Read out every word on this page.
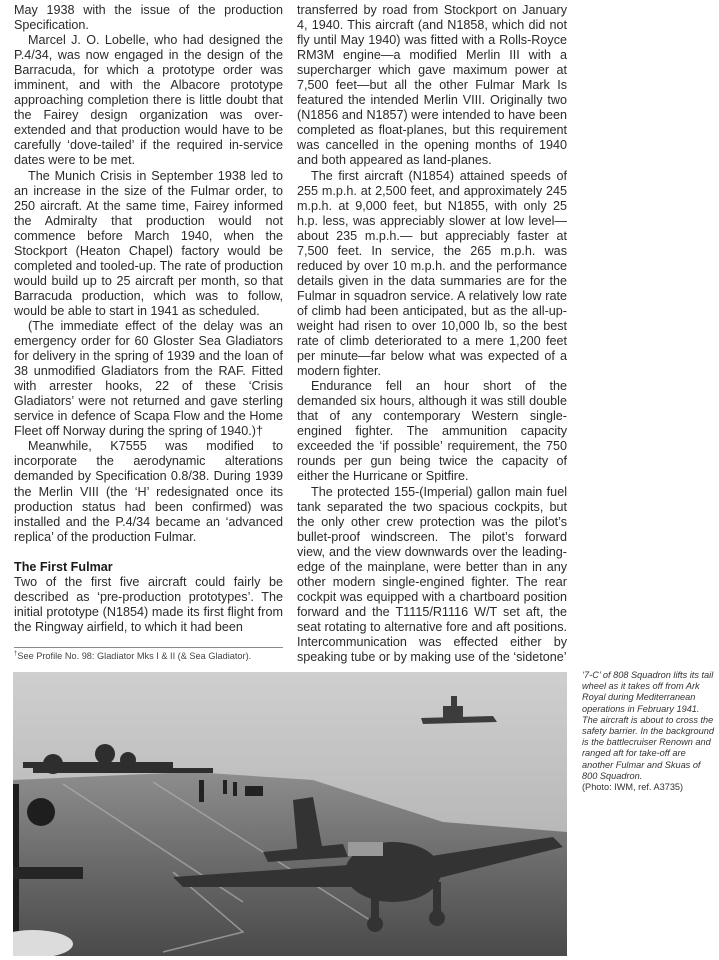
May 1938 with the issue of the production Specification.

Marcel J. O. Lobelle, who had designed the P.4/34, was now engaged in the design of the Barracuda, for which a prototype order was imminent, and with the Albacore prototype approaching completion there is little doubt that the Fairey design organization was over-extended and that production would have to be carefully ‘dove-tailed’ if the required in-service dates were to be met.

The Munich Crisis in September 1938 led to an increase in the size of the Fulmar order, to 250 aircraft. At the same time, Fairey informed the Admiralty that production would not commence before March 1940, when the Stockport (Heaton Chapel) factory would be completed and tooled-up. The rate of production would build up to 25 aircraft per month, so that Barracuda production, which was to follow, would be able to start in 1941 as scheduled.

(The immediate effect of the delay was an emergency order for 60 Gloster Sea Gladiators for delivery in the spring of 1939 and the loan of 38 unmodified Gladiators from the RAF. Fitted with arrester hooks, 22 of these ‘Crisis Gladiators’ were not returned and gave sterling service in defence of Scapa Flow and the Home Fleet off Norway during the spring of 1940.)†

Meanwhile, K7555 was modified to incorporate the aerodynamic alterations demanded by Specification 0.8/38. During 1939 the Merlin VIII (the ‘H’ redesignated once its production status had been confirmed) was installed and the P.4/34 became an ‘advanced replica’ of the production Fulmar.

The First Fulmar

Two of the first five aircraft could fairly be described as ‘pre-production prototypes’. The initial prototype (N1854) made its first flight from the Ringway airfield, to which it had been

transferred by road from Stockport on January 4, 1940. This aircraft (and N1858, which did not fly until May 1940) was fitted with a Rolls-Royce RM3M engine—a modified Merlin III with a supercharger which gave maximum power at 7,500 feet—but all the other Fulmar Mark Is featured the intended Merlin VIII. Originally two (N1856 and N1857) were intended to have been completed as float-planes, but this requirement was cancelled in the opening months of 1940 and both appeared as land-planes.

The first aircraft (N1854) attained speeds of 255 m.p.h. at 2,500 feet, and approximately 245 m.p.h. at 9,000 feet, but N1855, with only 25 h.p. less, was appreciably slower at low level—about 235 m.p.h.— but appreciably faster at 7,500 feet. In service, the 265 m.p.h. was reduced by over 10 m.p.h. and the performance details given in the data summaries are for the Fulmar in squadron service. A relatively low rate of climb had been anticipated, but as the all-up-weight had risen to over 10,000 lb, so the best rate of climb deteriorated to a mere 1,200 feet per minute—far below what was expected of a modern fighter.

Endurance fell an hour short of the demanded six hours, although it was still double that of any contemporary Western single-engined fighter. The ammunition capacity exceeded the ‘if possible’ requirement, the 750 rounds per gun being twice the capacity of either the Hurricane or Spitfire.

The protected 155-(Imperial) gallon main fuel tank separated the two spacious cockpits, but the only other crew protection was the pilot’s bullet-proof windscreen. The pilot’s forward view, and the view downwards over the leading-edge of the mainplane, were better than in any other modern single-engined fighter. The rear cockpit was equipped with a chartboard position forward and the T1115/R1116 W/T set aft, the seat rotating to alternative fore and aft positions. Intercommunication was effected either by speaking tube or by making use of the ‘sidetone’

†See Profile No. 98: Gladiator Mks I & II (& Sea Gladiator).
‘7-C’ of 808 Squadron lifts its tail wheel as it takes off from Ark Royal during Mediterranean operations in February 1941. The aircraft is about to cross the safety barrier. In the background is the battlecruiser Renown and ranged aft for take-off are another Fulmar and Skuas of 800 Squadron.
(Photo: IWM, ref. A3735)
